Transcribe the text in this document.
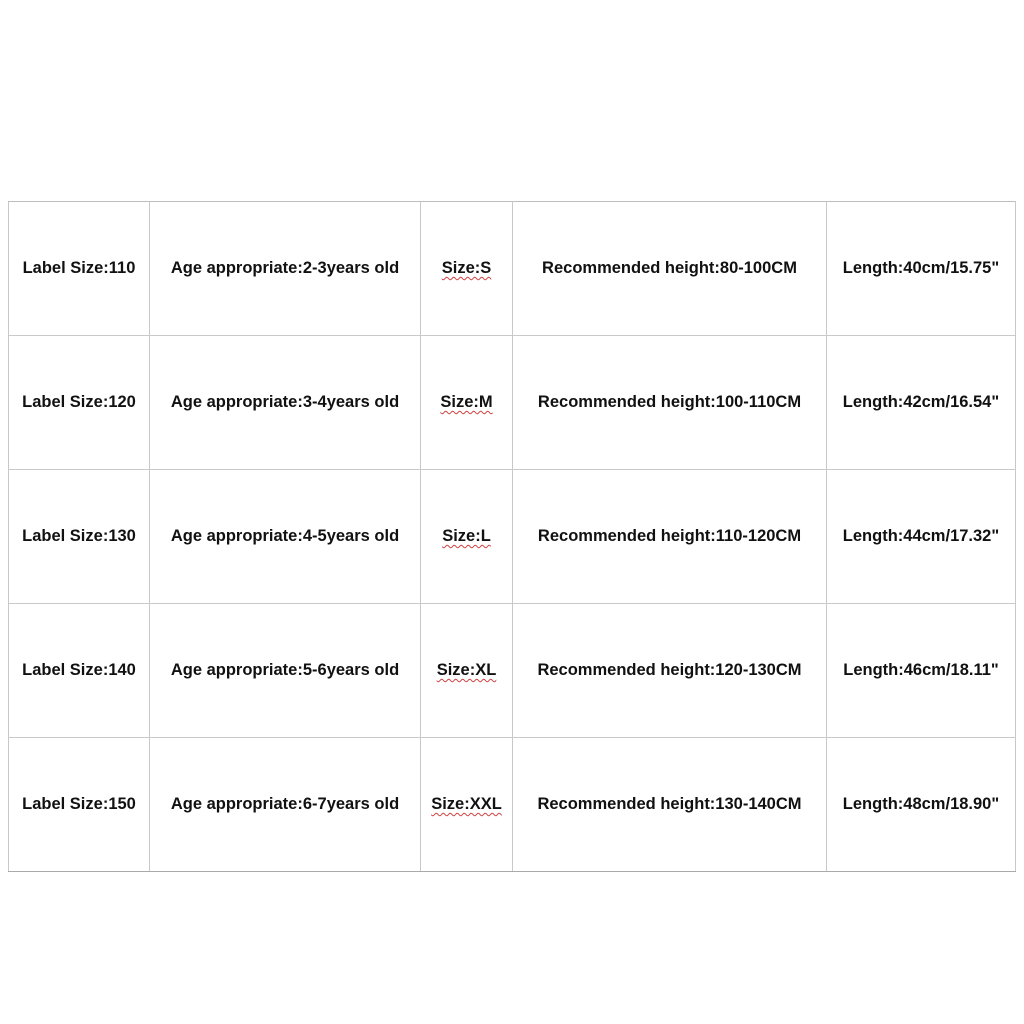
Label Size:110	Age appropriate:2-3years old	Size:S	Recommended height:80-100CM	Length:40cm/15.75"
Label Size:120	Age appropriate:3-4years old	Size:M	Recommended height:100-110CM	Length:42cm/16.54"
Label Size:130	Age appropriate:4-5years old	Size:L	Recommended height:110-120CM	Length:44cm/17.32"
Label Size:140	Age appropriate:5-6years old	Size:XL	Recommended height:120-130CM	Length:46cm/18.11"
Label Size:150	Age appropriate:6-7years old	Size:XXL	Recommended height:130-140CM	Length:48cm/18.90"
